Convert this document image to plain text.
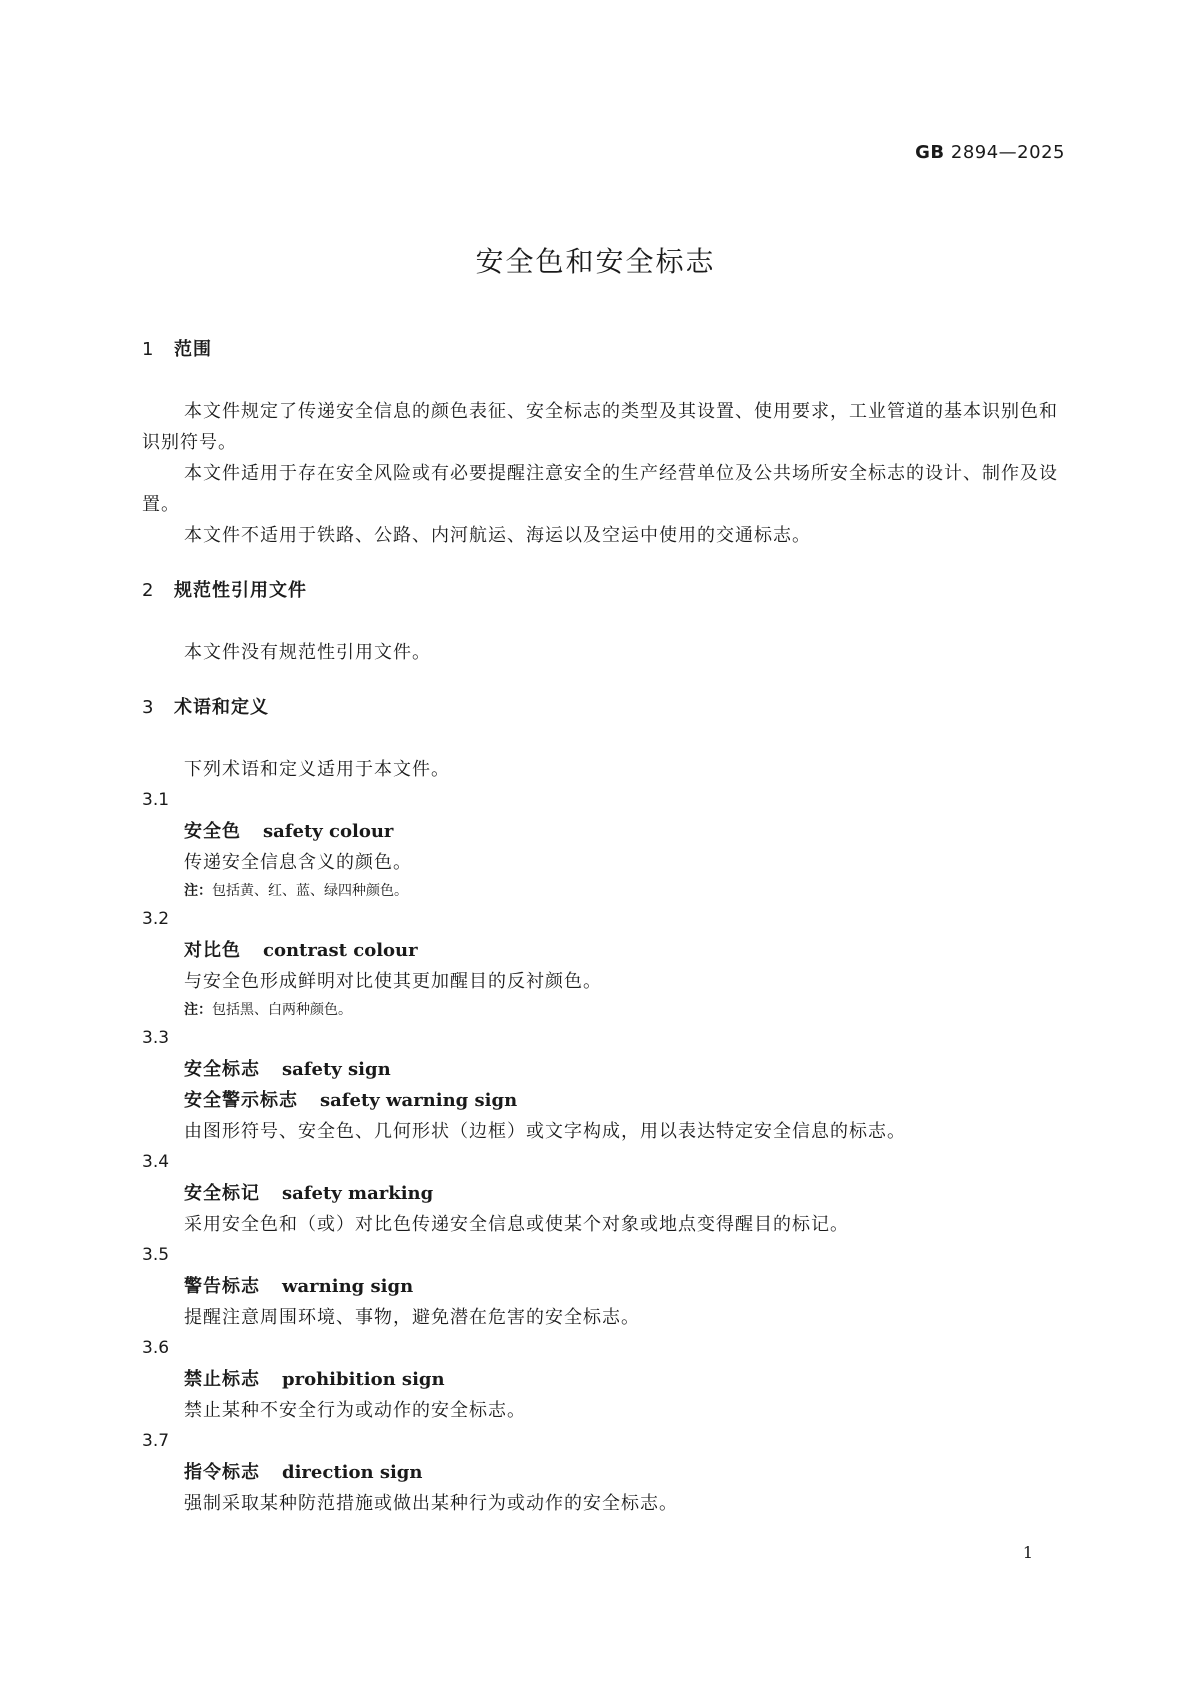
GB 2894—2025
安全色和安全标志
1 范围

本文件规定了传递安全信息的颜色表征、安全标志的类型及其设置、使用要求，工业管道的基本识别色和识别符号。

本文件适用于存在安全风险或有必要提醒注意安全的生产经营单位及公共场所安全标志的设计、制作及设置。

本文件不适用于铁路、公路、内河航运、海运以及空运中使用的交通标志。

2 规范性引用文件

本文件没有规范性引用文件。

3 术语和定义

下列术语和定义适用于本文件。

3.1
安全色 safety colour
传递安全信息含义的颜色。
注：包括黄、红、蓝、绿四种颜色。
3.2
对比色 contrast colour
与安全色形成鲜明对比使其更加醒目的反衬颜色。
注：包括黑、白两种颜色。
3.3
安全标志 safety sign
安全警示标志 safety warning sign
由图形符号、安全色、几何形状（边框）或文字构成，用以表达特定安全信息的标志。
3.4
安全标记 safety marking
采用安全色和（或）对比色传递安全信息或使某个对象或地点变得醒目的标记。
3.5
警告标志 warning sign
提醒注意周围环境、事物，避免潜在危害的安全标志。
3.6
禁止标志 prohibition sign
禁止某种不安全行为或动作的安全标志。
3.7
指令标志 direction sign
强制采取某种防范措施或做出某种行为或动作的安全标志。
1
